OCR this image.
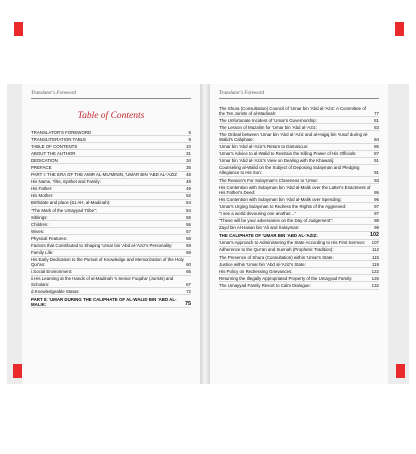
Translator's Foreword
Table of Contents
TRANSLATOR'S FOREWORD	5
TRANSLITERATION TABLE	9
TABLE OF CONTENTS	10
ABOUT THE AUTHOR	31
DEDICATION	34
PREFACE	35
PART I: THE ERA OF THE AMIR AL-MU'MININ, 'UMAR BIN 'ABD AL-'AZIZ	48
His Name, Title, Epithet and Family:	48
His Father:	49
His Mother:	52
Birthdate and place (61 AH, al-Madinah):	54
"The Mark of the Umayyad Tribe":	54
Siblings:	55
Children:	56
Wives:	57
Physical Features:	58
Factors that Contributed to Shaping 'Umar bin 'Abd al-'Aziz's Personality:	59
Family Life:	59
His Early Dedication to the Pursuit of Knowledge and Memorization of the Holy Qur'an:	60
i.Social Environment:	66
ii.His Learning at the Hands of al-Madinah 's Senior Fuqaha' (Jurists) and Scholars:	67
d.Knowledgeable Status:	72
PART II: 'UMAR DURING THE CALIPHATE OF AL-WALID BIN 'ABD AL-MALIK:	75
Translator's Foreword
The Shura (Consultation) Council of 'Umar bin 'Abd al-'Aziz: A Committee of the Ten Jurists of al-Madinah:	77
The Unfortunate Incident of 'Umar's Governorship:	81
The Lesson of Mazalim for 'Umar bin 'Abd al-'Aziz:	83
The Ordeal between 'Umar bin 'Abd al-'Aziz and al-Hajjaj bin Yusuf during al-Walid's Caliphate:	84
'Umar bin 'Abd al-'Aziz's Return to Damascus:	86
'Umar's Advice to al-Walid to Restrain the Killing Power of His Officials:	87
'Umar bin 'Abd al-'Aziz's View on Dealing with the Khawarij:	91
Counseling al-Walid on the Subject of Deposing Sulayman and Pledging Allegiance to His Son:	91
The Reason's For Sulayman's Closeness to 'Umar:	93
His Contention with Sulayman bin 'Abd al-Malik over the Latter's Enactment of His Father's Deed:	95
His Contention with Sulayman bin 'Abd al-Malik over Spending:	96
'Umar's Urging Sulayman to Redress the Rights of the Aggrieved:	97
"I see a world devouring one another..."	97
"These will be your adversaries on the Day of Judgement":	98
Zayd bin Al-Hasan bin 'Ali and Sulayman:	99
THE CALIPHATE OF 'UMAR BIN 'ABD AL-'AZIZ:	102
'Umar's Approach to Administering the State According to His First Sermon:	107
Adherence to the Qur'an and Sunnah (Prophetic Tradition):	112
The Presence of Shura (Consultation) within 'Umar's State:	115
Justice within 'Umar bin 'Abd al-'Aziz's State:	119
His Policy on Redressing Grievances:	122
Returning the Illegally Appropriated Property of the Umayyad Family:	126
The Umayyad Family Resort to Calm Dialogue:	132
